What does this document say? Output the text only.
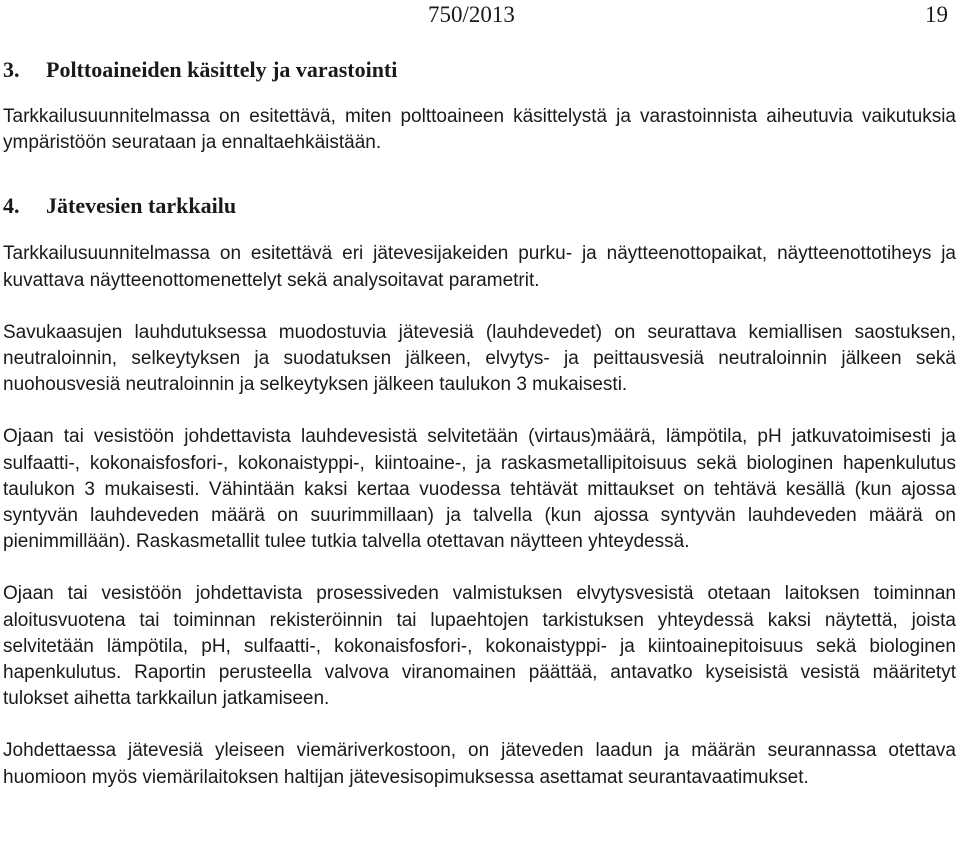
750/2013	19
3.	Polttoaineiden käsittely ja varastointi

Tarkkailusuunnitelmassa on esitettävä, miten polttoaineen käsittelystä ja varastoinnista aiheutuvia vaikutuksia ympäristöön seurataan ja ennaltaehkäistään.

4.	Jätevesien tarkkailu

Tarkkailusuunnitelmassa on esitettävä eri jätevesijakeiden purku- ja näytteenottopaikat, näytteenottotiheys ja kuvattava näytteenottomenettelyt sekä analysoitavat parametrit.

Savukaasujen lauhdutuksessa muodostuvia jätevesiä (lauhdevedet) on seurattava kemiallisen saostuksen, neutraloinnin, selkeytyksen ja suodatuksen jälkeen, elvytys- ja peittausvesiä neutraloinnin jälkeen sekä nuohousvesiä neutraloinnin ja selkeytyksen jälkeen taulukon 3 mukaisesti.

Ojaan tai vesistöön johdettavista lauhdevesistä selvitetään (virtaus)määrä, lämpötila, pH jatkuvatoimisesti ja sulfaatti-, kokonaisfosfori-, kokonaistyppi-, kiintoaine-, ja raskasmetallipitoisuus sekä biologinen hapenkulutus taulukon 3 mukaisesti. Vähintään kaksi kertaa vuodessa tehtävät mittaukset on tehtävä kesällä (kun ajossa syntyvän lauhdeveden määrä on suurimmillaan) ja talvella (kun ajossa syntyvän lauhdeveden määrä on pienimmillään). Raskasmetallit tulee tutkia talvella otettavan näytteen yhteydessä.

Ojaan tai vesistöön johdettavista prosessiveden valmistuksen elvytysvesistä otetaan laitoksen toiminnan aloitusvuotena tai toiminnan rekisteröinnin tai lupaehtojen tarkistuksen yhteydessä kaksi näytettä, joista selvitetään lämpötila, pH, sulfaatti-, kokonaisfosfori-, kokonaistyppi- ja kiintoainepitoisuus sekä biologinen hapenkulutus. Raportin perusteella valvova viranomainen päättää, antavatko kyseisistä vesistä määritetyt tulokset aihetta tarkkailun jatkamiseen.

Johdettaessa jätevesiä yleiseen viemäriverkostoon, on jäteveden laadun ja määrän seurannassa otettava huomioon myös viemärilaitoksen haltijan jätevesisopimuksessa asettamat seurantavaatimukset.
